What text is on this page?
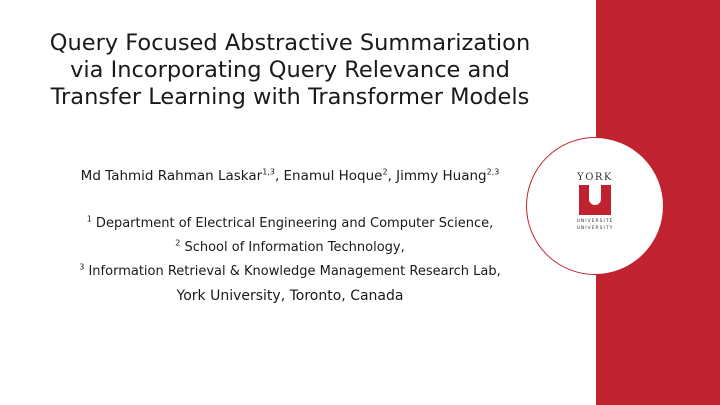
Query Focused Abstractive Summarization
via Incorporating Query Relevance and
Transfer Learning with Transformer Models
Md Tahmid Rahman Laskar$^{1,3}$, Enamul Hoque$^2$, Jimmy Huang$^{2,3}$
$^1$ Department of Electrical Engineering and Computer Science,
$^2$ School of Information Technology,
$^3$ Information Retrieval & Knowledge Management Research Lab,
York University, Toronto, Canada
YORK
UNIVERSITÉ
UNIVERSITY
